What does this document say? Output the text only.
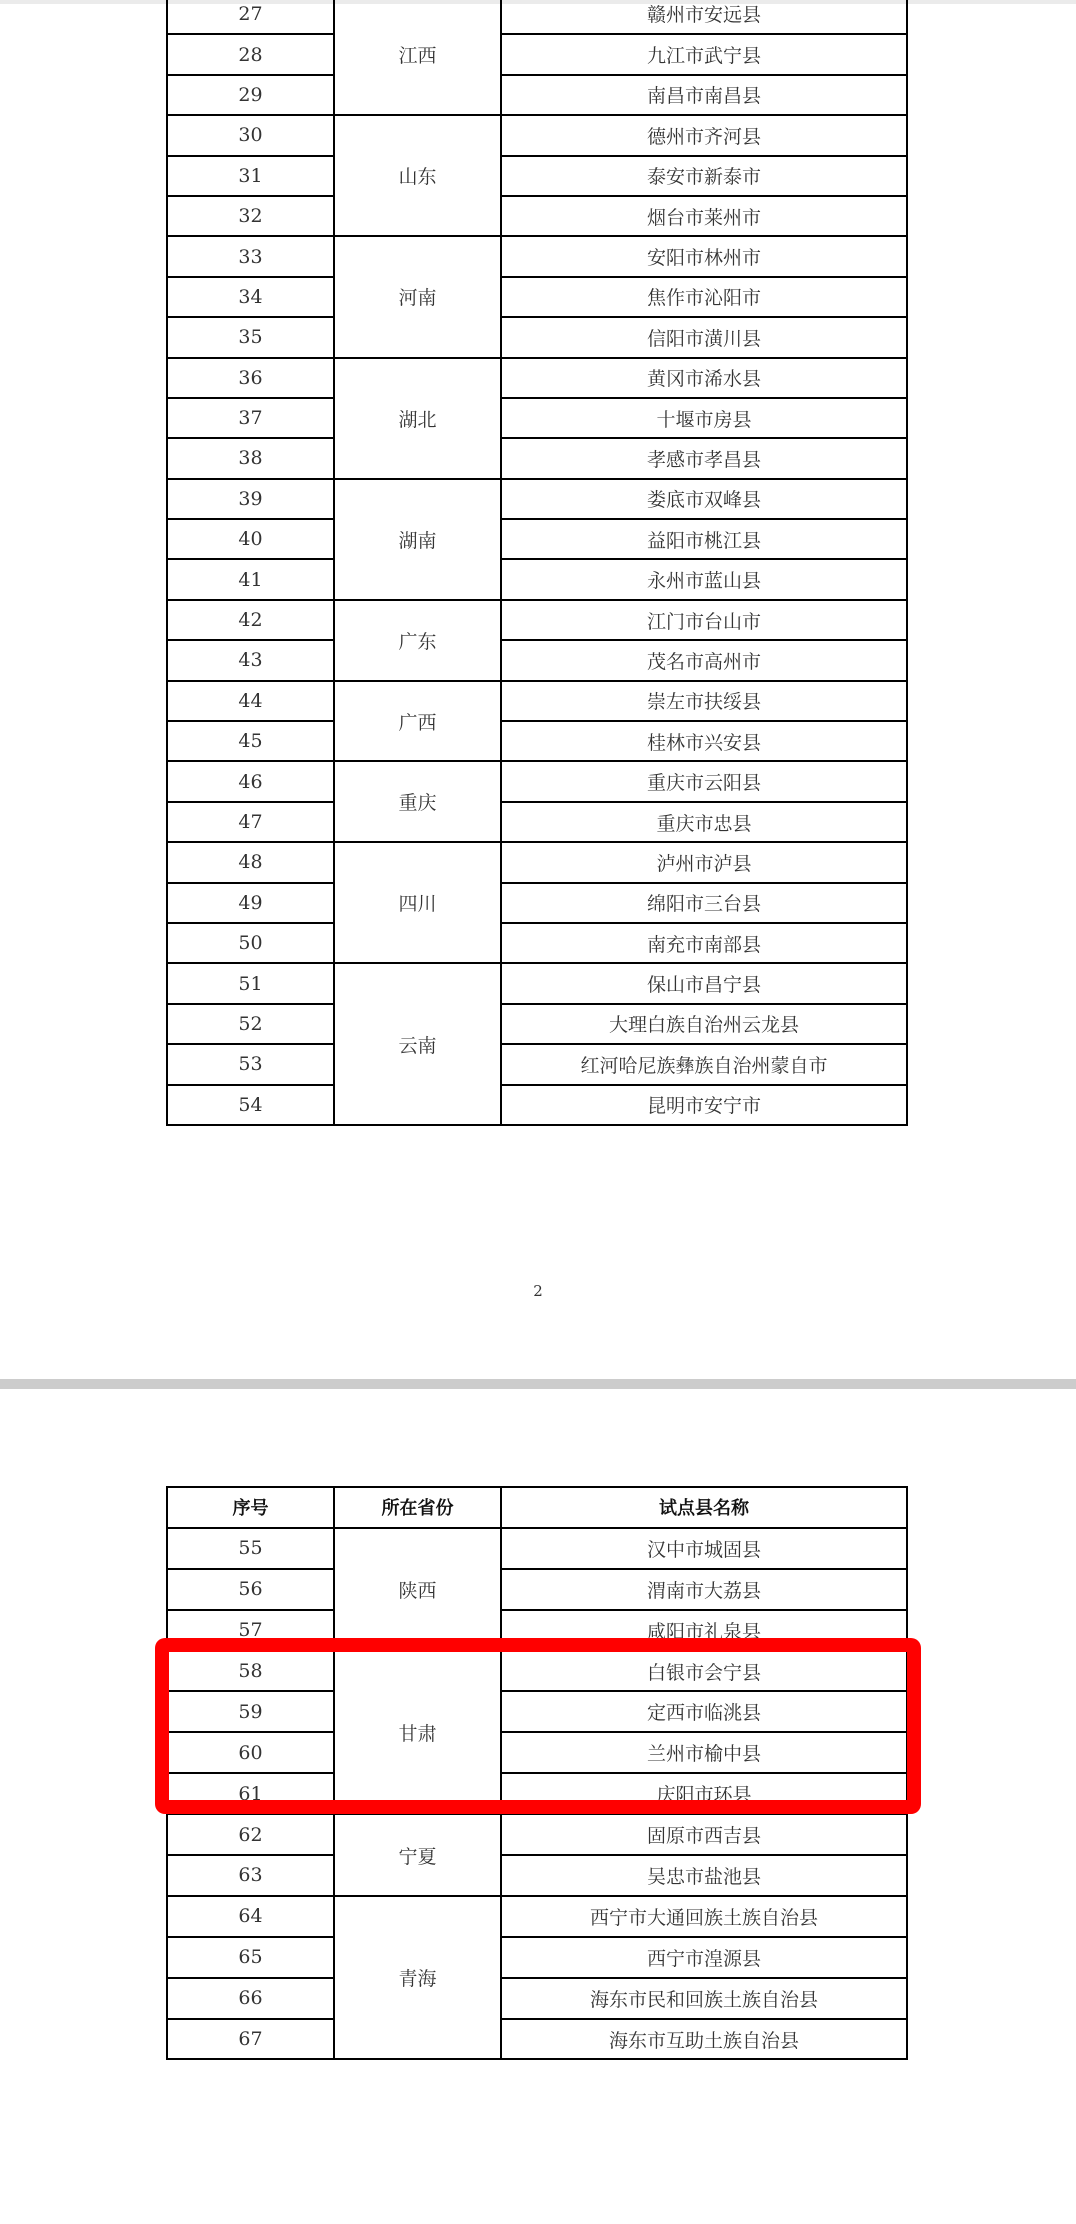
27	江西	赣州市安远县
28		九江市武宁县
29		南昌市南昌县
30	山东	德州市齐河县
31		泰安市新泰市
32		烟台市莱州市
33	河南	安阳市林州市
34		焦作市沁阳市
35		信阳市潢川县
36	湖北	黄冈市浠水县
37		十堰市房县
38		孝感市孝昌县
39	湖南	娄底市双峰县
40		益阳市桃江县
41		永州市蓝山县
42	广东	江门市台山市
43		茂名市高州市
44	广西	崇左市扶绥县
45		桂林市兴安县
46	重庆	重庆市云阳县
47		重庆市忠县
48	四川	泸州市泸县
49		绵阳市三台县
50		南充市南部县
51	云南	保山市昌宁县
52		大理白族自治州云龙县
53		红河哈尼族彝族自治州蒙自市
54		昆明市安宁市
2
序号	所在省份	试点县名称
55	陕西	汉中市城固县
56		渭南市大荔县
57		咸阳市礼泉县
58	甘肃	白银市会宁县
59		定西市临洮县
60		兰州市榆中县
61		庆阳市环县
62	宁夏	固原市西吉县
63		吴忠市盐池县
64	青海	西宁市大通回族土族自治县
65		西宁市湟源县
66		海东市民和回族土族自治县
67		海东市互助土族自治县
